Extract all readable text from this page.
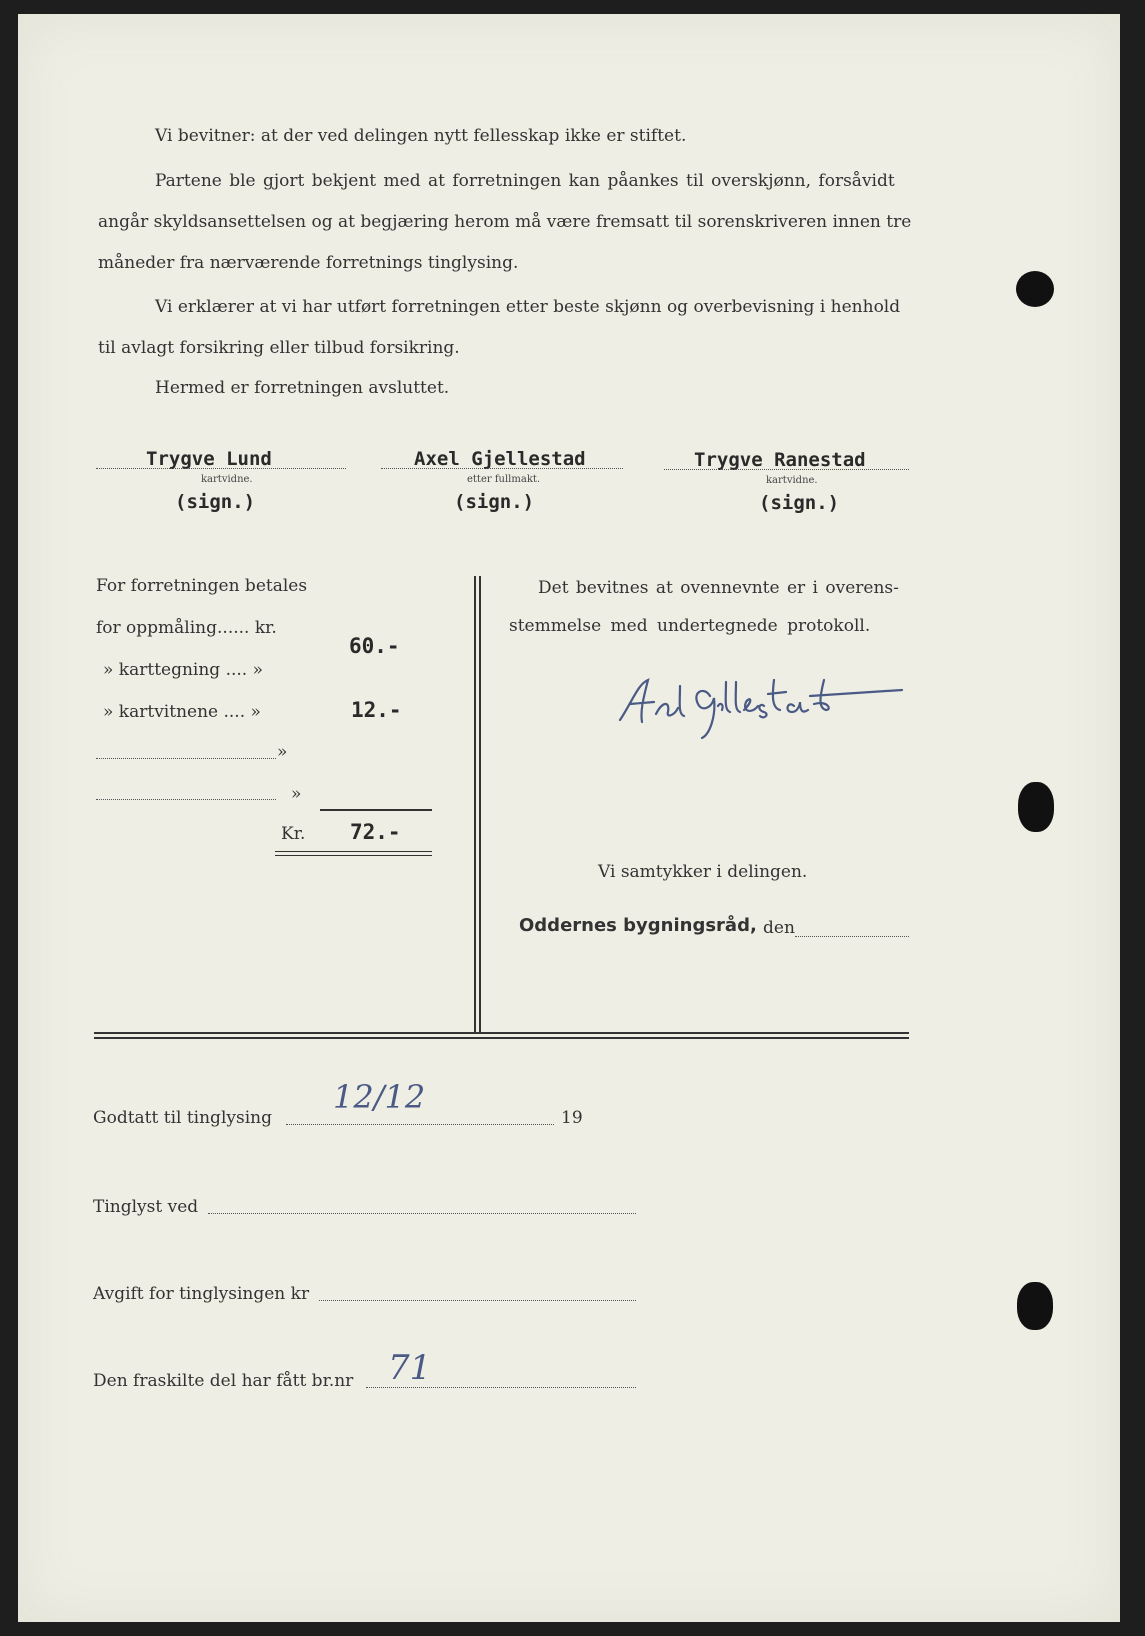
Vi bevitner: at der ved delingen nytt fellesskap ikke er stiftet.
Partene ble gjort bekjent med at forretningen kan påankes til overskjønn, forsåvidt
angår skyldsansettelsen og at begjæring herom må være fremsatt til sorenskriveren innen tre
måneder fra nærværende forretnings tinglysing.
Vi erklærer at vi har utført forretningen etter beste skjønn og overbevisning i henhold
til avlagt forsikring eller tilbud forsikring.
Hermed er forretningen avsluttet.
Trygve Lund
kartvidne.
(sign.)
Axel Gjellestad
etter fullmakt.
(sign.)
Trygve Ranestad
kartvidne.
(sign.)
For forretningen betales
for oppmåling...... kr.
60.-
» karttegning .... »
» kartvitnene .... »	12.-
»
»
Kr. 72.-
Det bevitnes at ovennevnte er i overens-
stemmelse med undertegnede protokoll.
Vi samtykker i delingen.
Oddernes bygningsråd, den
Godtatt til tinglysing
12/12
19
Tinglyst ved
Avgift for tinglysingen kr
Den fraskilte del har fått br.nr 71
